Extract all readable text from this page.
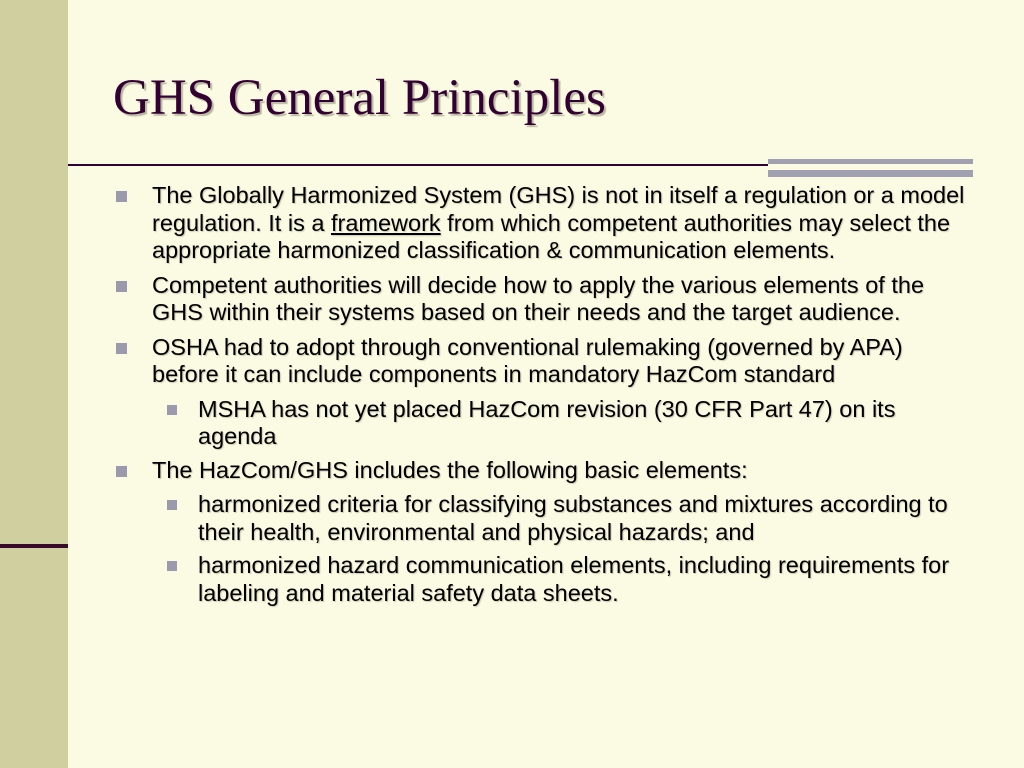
GHS General Principles
The Globally Harmonized System (GHS) is not in itself a regulation or a model regulation. It is a framework from which competent authorities may select the appropriate harmonized classification & communication elements.
Competent authorities will decide how to apply the various elements of the GHS within their systems based on their needs and the target audience.
OSHA had to adopt through conventional rulemaking (governed by APA) before it can include components in mandatory HazCom standard
MSHA has not yet placed HazCom revision (30 CFR Part 47) on its agenda
The HazCom/GHS includes the following basic elements:
harmonized criteria for classifying substances and mixtures according to their health, environmental and physical hazards; and
harmonized hazard communication elements, including requirements for labeling and material safety data sheets.
